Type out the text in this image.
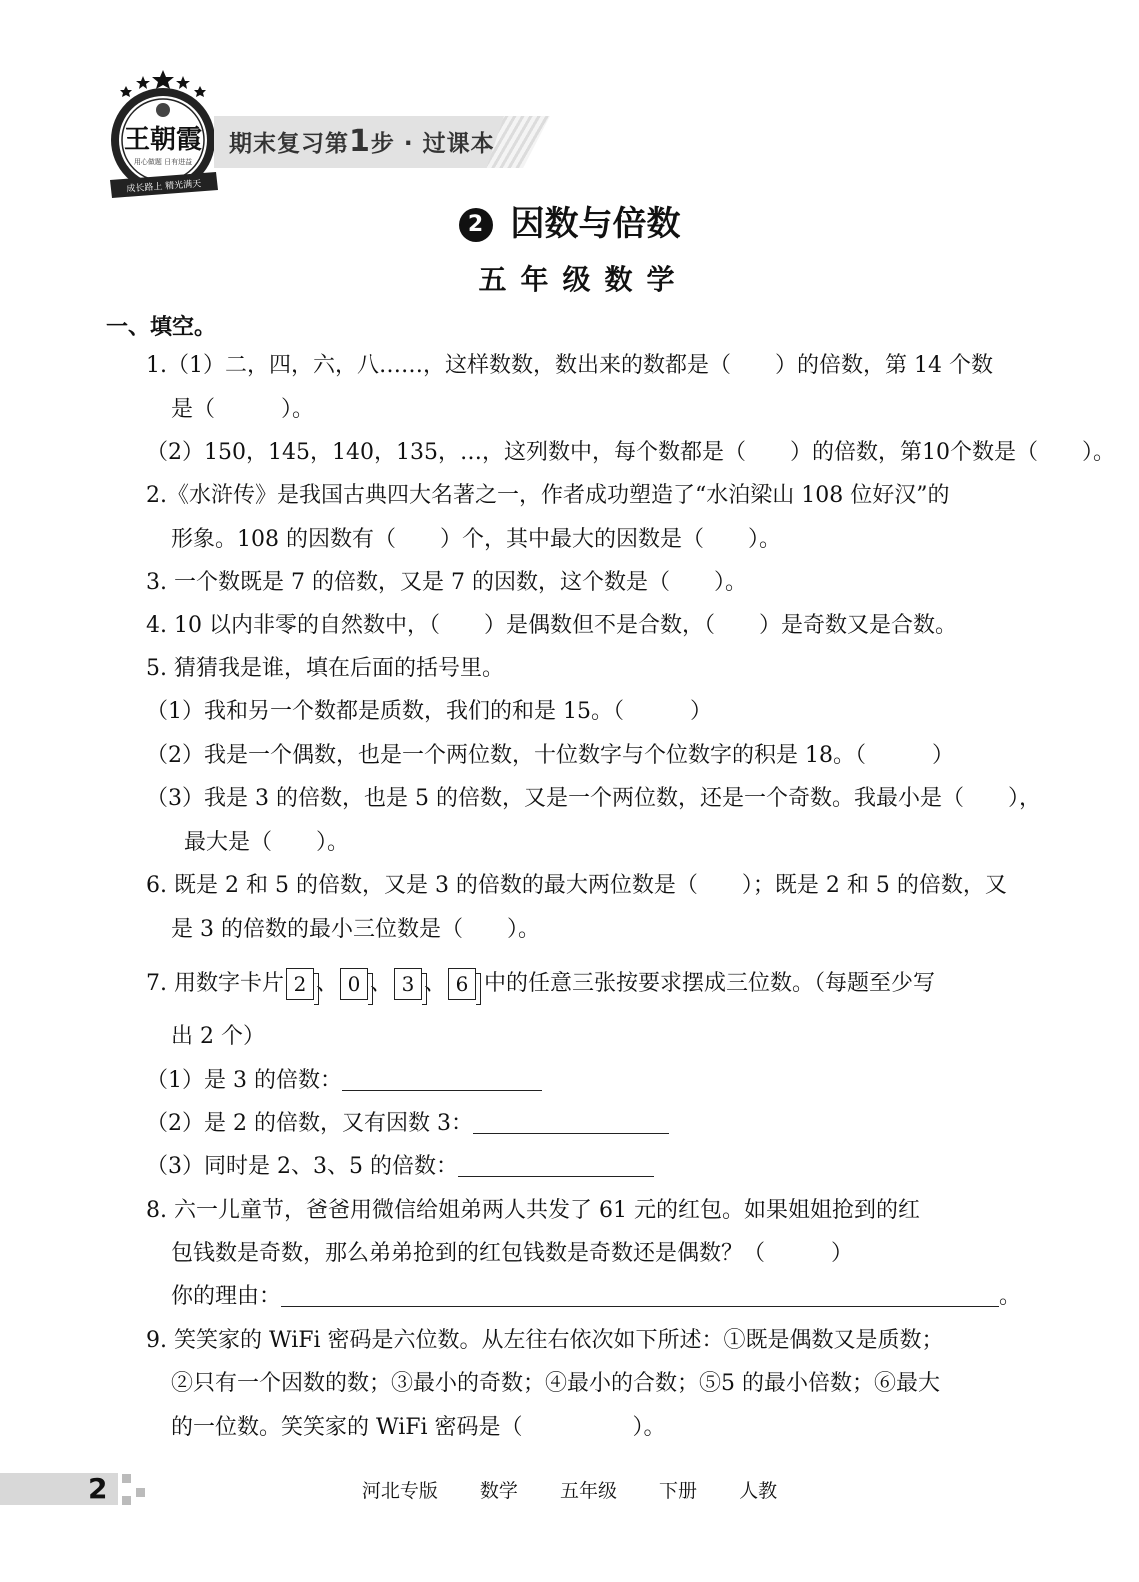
王朝霞
用心做题 日有进益
成长路上 精光满天
期末复习第1步 · 过课本
2 因数与倍数
五年级数学
一、填空。
1.（1）二，四，六，八……，这样数数，数出来的数都是（　　）的倍数，第 14 个数
是（　　　）。
（2）150，145，140，135，…，这列数中，每个数都是（　　）的倍数，第10个数是（　　）。
2.《水浒传》是我国古典四大名著之一，作者成功塑造了“水泊梁山 108 位好汉”的
形象。108 的因数有（　　）个，其中最大的因数是（　　）。
3. 一个数既是 7 的倍数，又是 7 的因数，这个数是（　　）。
4. 10 以内非零的自然数中，（　　）是偶数但不是合数，（　　）是奇数又是合数。
5. 猜猜我是谁，填在后面的括号里。
（1）我和另一个数都是质数，我们的和是 15。（　　　）
（2）我是一个偶数，也是一个两位数，十位数字与个位数字的积是 18。（　　　）
（3）我是 3 的倍数，也是 5 的倍数，又是一个两位数，还是一个奇数。我最小是（　　），
最大是（　　）。
6. 既是 2 和 5 的倍数，又是 3 的倍数的最大两位数是（　　）；既是 2 和 5 的倍数，又
是 3 的倍数的最小三位数是（　　）。
7. 用数字卡片 2 、 0 、 3 、 6 中的任意三张按要求摆成三位数。（每题至少写
出 2 个）
（1）是 3 的倍数：
（2）是 2 的倍数，又有因数 3：
（3）同时是 2、3、5 的倍数：
8. 六一儿童节，爸爸用微信给姐弟两人共发了 61 元的红包。如果姐姐抢到的红
包钱数是奇数，那么弟弟抢到的红包钱数是奇数还是偶数？（　　　）
你的理由：	。
9. 笑笑家的 WiFi 密码是六位数。从左往右依次如下所述：①既是偶数又是质数；
②只有一个因数的数；③最小的奇数；④最小的合数；⑤5 的最小倍数；⑥最大
的一位数。笑笑家的 WiFi 密码是（　　　　　）。
2	河北专版 数学 五年级 下册 人教
